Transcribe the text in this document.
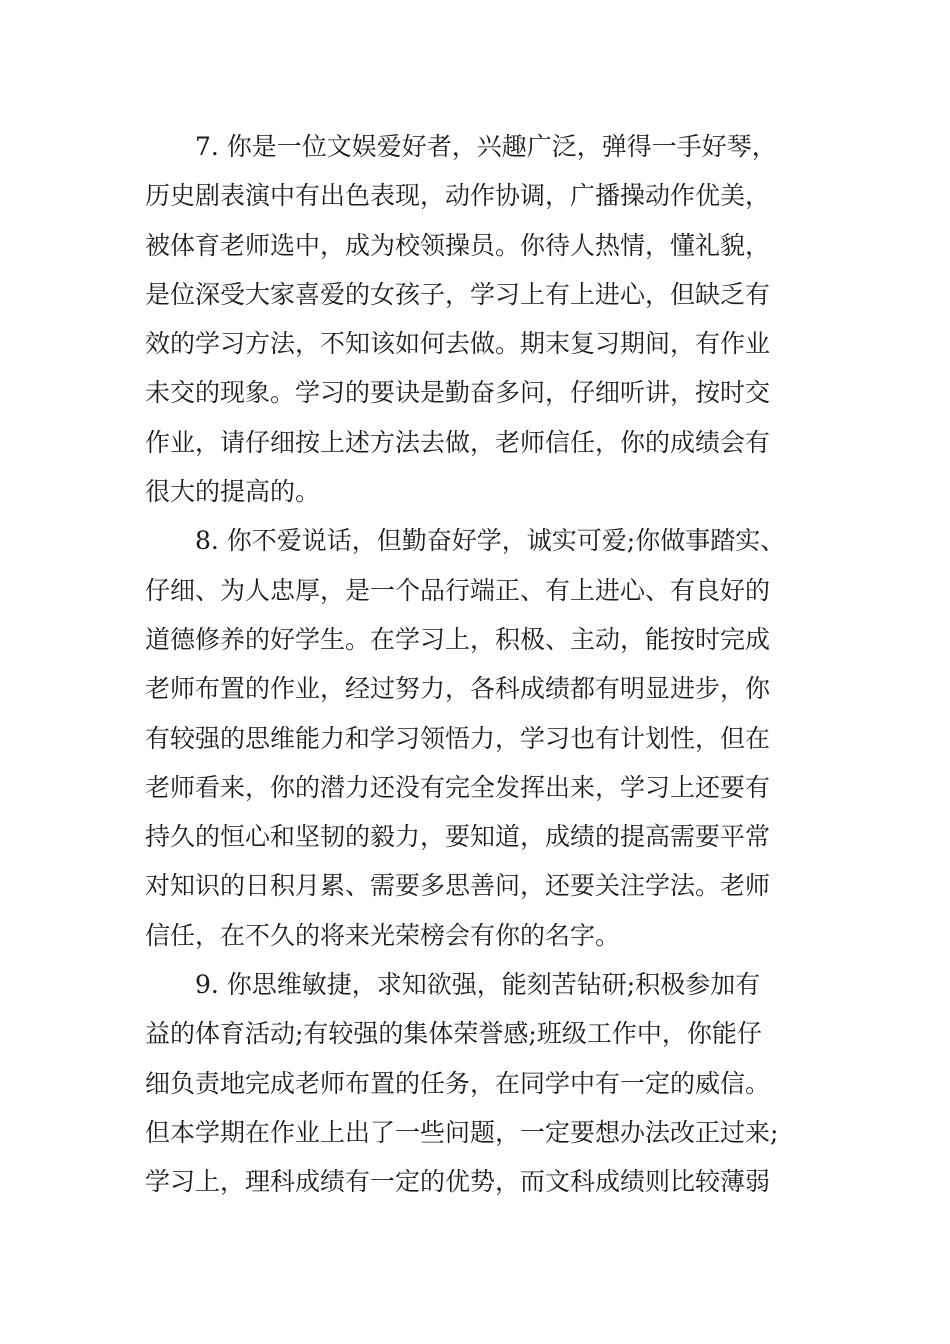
7. 你是一位文娱爱好者，兴趣广泛，弹得一手好琴，
历史剧表演中有出色表现，动作协调，广播操动作优美，
被体育老师选中，成为校领操员。你待人热情，懂礼貌，
是位深受大家喜爱的女孩子，学习上有上进心，但缺乏有
效的学习方法，不知该如何去做。期末复习期间，有作业
未交的现象。学习的要诀是勤奋多问，仔细听讲，按时交
作业，请仔细按上述方法去做，老师信任，你的成绩会有
很大的提高的。
8. 你不爱说话，但勤奋好学，诚实可爱;你做事踏实、
仔细、为人忠厚，是一个品行端正、有上进心、有良好的
道德修养的好学生。在学习上，积极、主动，能按时完成
老师布置的作业，经过努力，各科成绩都有明显进步，你
有较强的思维能力和学习领悟力，学习也有计划性，但在
老师看来，你的潜力还没有完全发挥出来，学习上还要有
持久的恒心和坚韧的毅力，要知道，成绩的提高需要平常
对知识的日积月累、需要多思善问，还要关注学法。老师
信任，在不久的将来光荣榜会有你的名字。
9. 你思维敏捷，求知欲强，能刻苦钻研;积极参加有
益的体育活动;有较强的集体荣誉感;班级工作中，你能仔
细负责地完成老师布置的任务，在同学中有一定的威信。
但本学期在作业上出了一些问题，一定要想办法改正过来;
学习上，理科成绩有一定的优势，而文科成绩则比较薄弱
